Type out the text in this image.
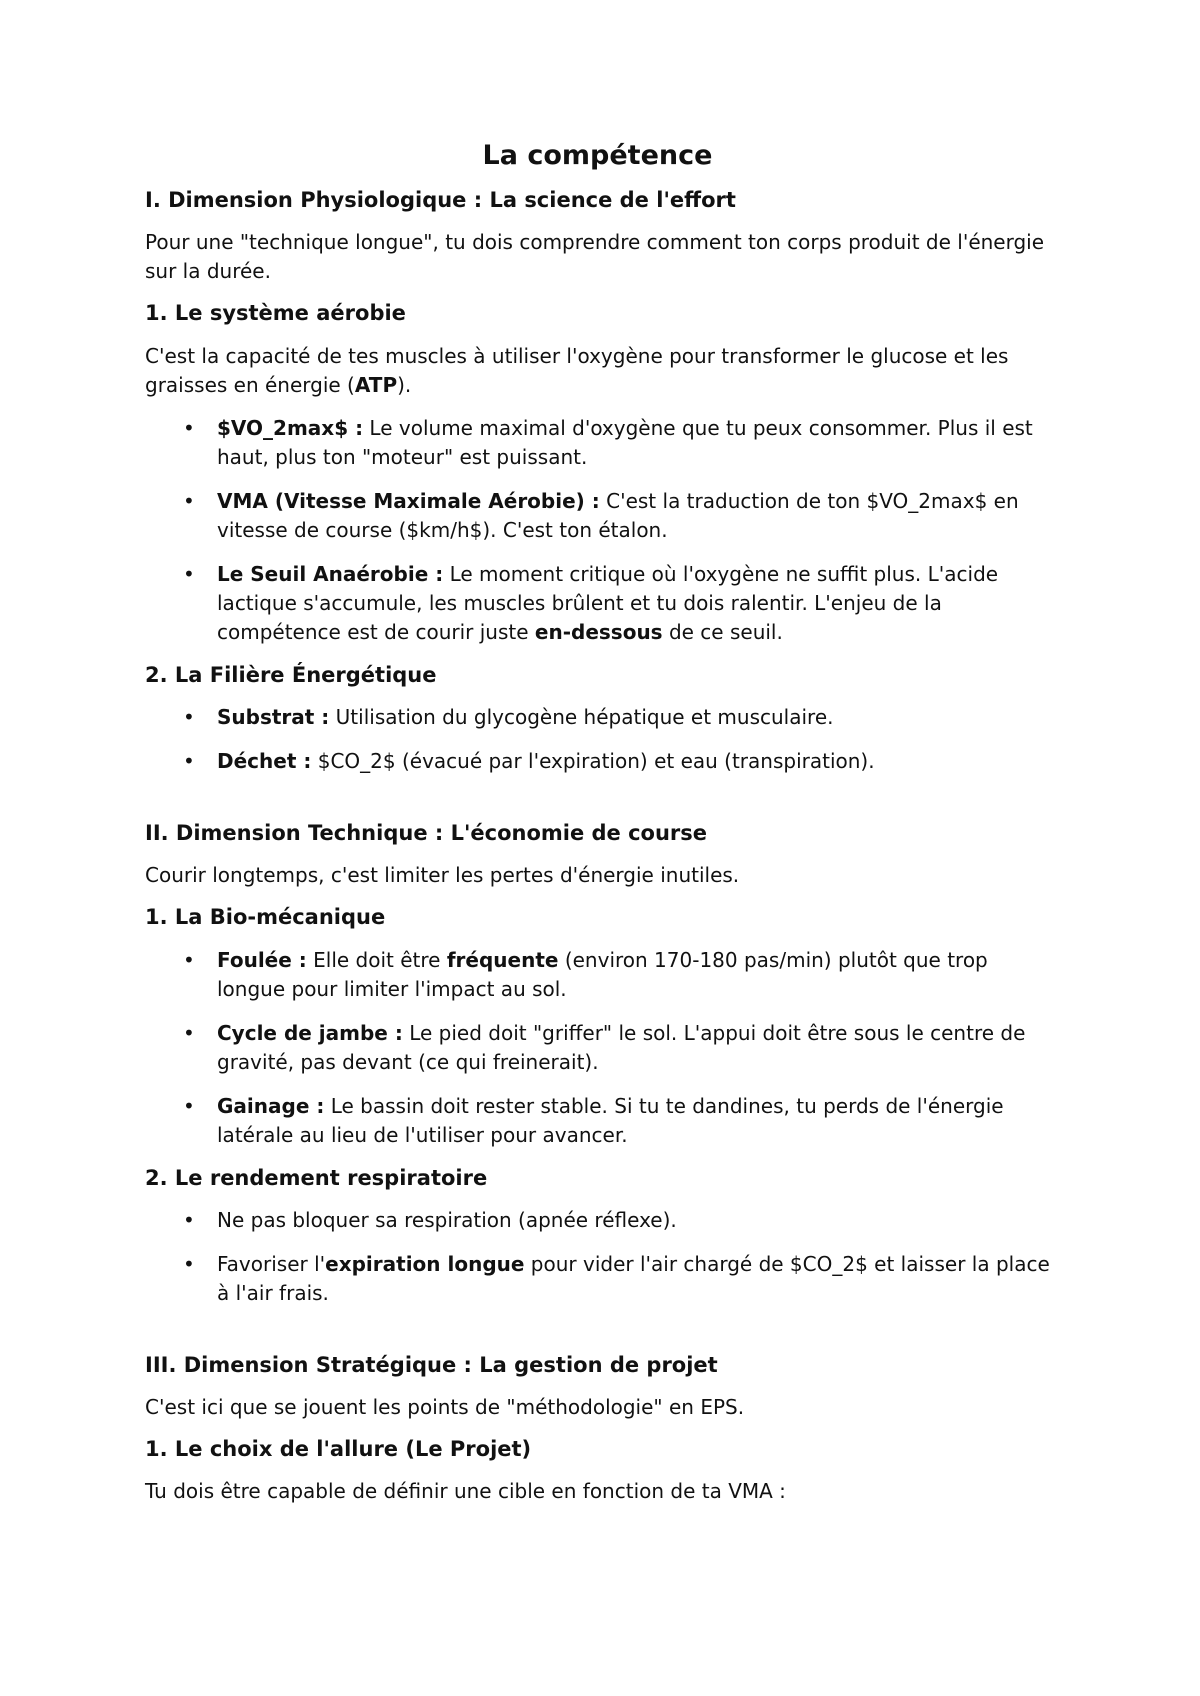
La compétence
I. Dimension Physiologique : La science de l'effort

Pour une "technique longue", tu dois comprendre comment ton corps produit de l'énergie sur la durée.

1. Le système aérobie

C'est la capacité de tes muscles à utiliser l'oxygène pour transformer le glucose et les graisses en énergie (ATP).

• $VO_2max$ : Le volume maximal d'oxygène que tu peux consommer. Plus il est haut, plus ton "moteur" est puissant.
• VMA (Vitesse Maximale Aérobie) : C'est la traduction de ton $VO_2max$ en vitesse de course ($km/h$). C'est ton étalon.
• Le Seuil Anaérobie : Le moment critique où l'oxygène ne suffit plus. L'acide lactique s'accumule, les muscles brûlent et tu dois ralentir. L'enjeu de la compétence est de courir juste en-dessous de ce seuil.
2. La Filière Énergétique
• Substrat : Utilisation du glycogène hépatique et musculaire.
• Déchet : $CO_2$ (évacué par l'expiration) et eau (transpiration).
II. Dimension Technique : L'économie de course

Courir longtemps, c'est limiter les pertes d'énergie inutiles.

1. La Bio-mécanique
• Foulée : Elle doit être fréquente (environ 170-180 pas/min) plutôt que trop longue pour limiter l'impact au sol.
• Cycle de jambe : Le pied doit "griffer" le sol. L'appui doit être sous le centre de gravité, pas devant (ce qui freinerait).
• Gainage : Le bassin doit rester stable. Si tu te dandines, tu perds de l'énergie latérale au lieu de l'utiliser pour avancer.
2. Le rendement respiratoire
• Ne pas bloquer sa respiration (apnée réflexe).
• Favoriser l'expiration longue pour vider l'air chargé de $CO_2$ et laisser la place à l'air frais.
III. Dimension Stratégique : La gestion de projet

C'est ici que se jouent les points de "méthodologie" en EPS.

1. Le choix de l'allure (Le Projet)

Tu dois être capable de définir une cible en fonction de ta VMA :
